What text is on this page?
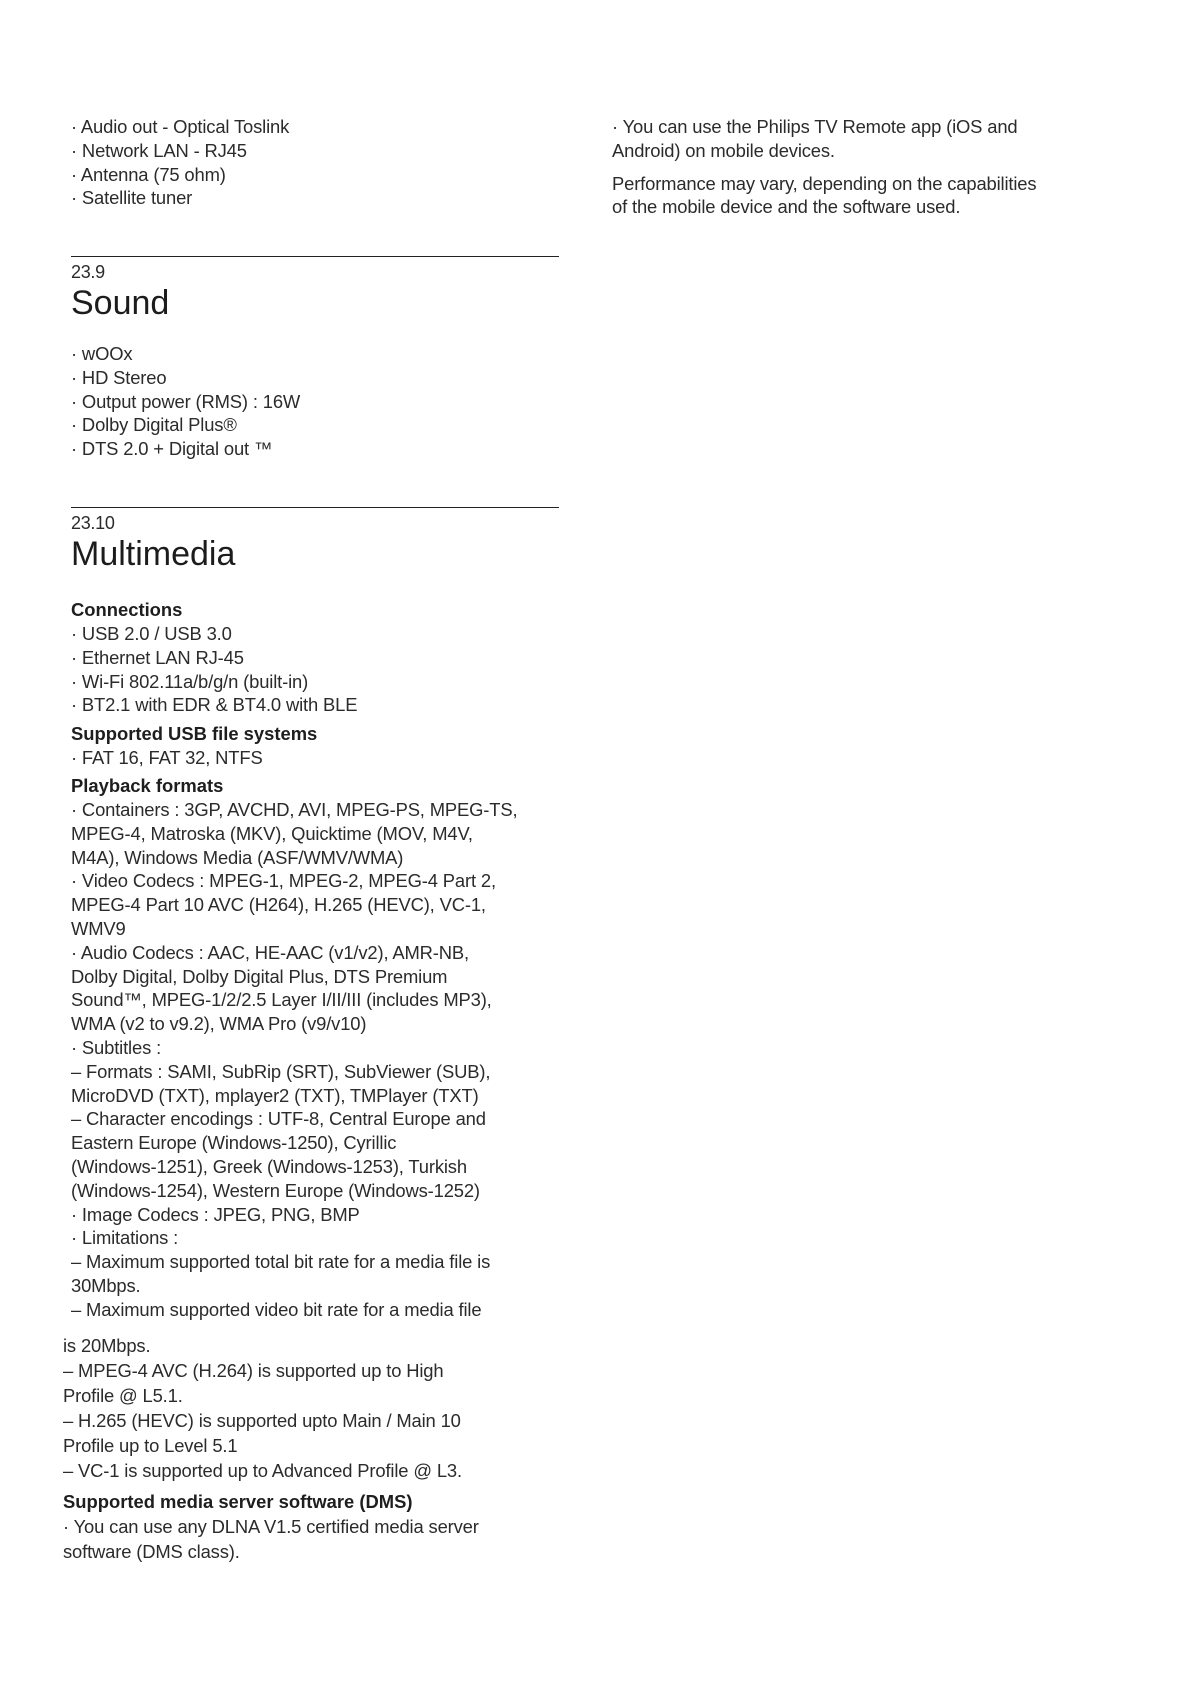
· Audio out - Optical Toslink
· Network LAN - RJ45
· Antenna (75 ohm)
· Satellite tuner
· You can use the Philips TV Remote app (iOS and
Android) on mobile devices.
Performance may vary, depending on the capabilities
of the mobile device and the software used.
23.9
Sound
· wOOx
· HD Stereo
· Output power (RMS) : 16W
· Dolby Digital Plus®
· DTS 2.0 + Digital out ™
23.10
Multimedia
Connections
· USB 2.0 / USB 3.0
· Ethernet LAN RJ-45
· Wi-Fi 802.11a/b/g/n (built-in)
· BT2.1 with EDR & BT4.0 with BLE
Supported USB file systems
· FAT 16, FAT 32, NTFS
Playback formats
· Containers : 3GP, AVCHD, AVI, MPEG-PS, MPEG-TS,
MPEG-4, Matroska (MKV), Quicktime (MOV, M4V,
M4A), Windows Media (ASF/WMV/WMA)
· Video Codecs : MPEG-1, MPEG-2, MPEG-4 Part 2,
MPEG-4 Part 10 AVC (H264), H.265 (HEVC), VC-1,
WMV9
· Audio Codecs : AAC, HE-AAC (v1/v2), AMR-NB,
Dolby Digital, Dolby Digital Plus, DTS Premium
Sound™, MPEG-1/2/2.5 Layer I/II/III (includes MP3),
WMA (v2 to v9.2), WMA Pro (v9/v10)
· Subtitles :
– Formats : SAMI, SubRip (SRT), SubViewer (SUB),
MicroDVD (TXT), mplayer2 (TXT), TMPlayer (TXT)
– Character encodings : UTF-8, Central Europe and
Eastern Europe (Windows-1250), Cyrillic
(Windows-1251), Greek (Windows-1253), Turkish
(Windows-1254), Western Europe (Windows-1252)
· Image Codecs : JPEG, PNG, BMP
· Limitations :
– Maximum supported total bit rate for a media file is
30Mbps.
– Maximum supported video bit rate for a media file
is 20Mbps.
– MPEG-4 AVC (H.264) is supported up to High
Profile @ L5.1.
– H.265 (HEVC) is supported upto Main / Main 10
Profile up to Level 5.1
– VC-1 is supported up to Advanced Profile @ L3.
Supported media server software (DMS)
· You can use any DLNA V1.5 certified media server
software (DMS class).
